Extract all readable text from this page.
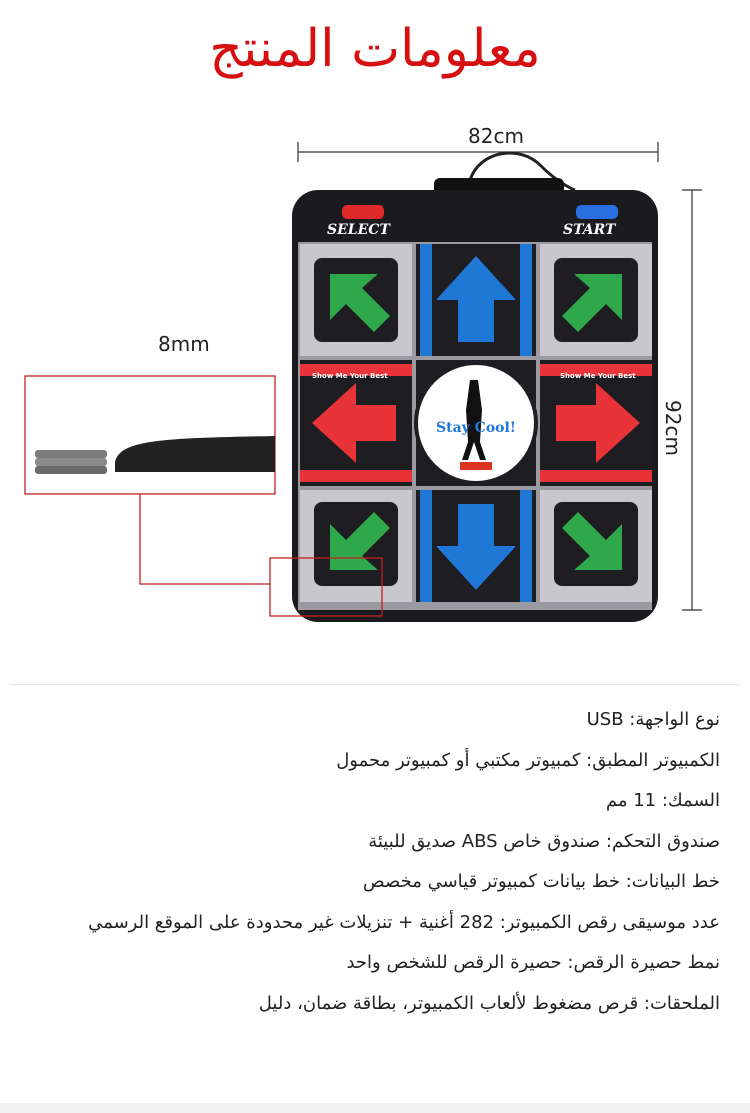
معلومات المنتج
82cm
8mm
92cm
SELECT	START
Stay Cool!
Show Me Your Best	Show Me Your Best
نوع الواجهة: USB
الكمبيوتر المطبق: كمبيوتر مكتبي أو كمبيوتر محمول
السمك: 11 مم
صندوق التحكم: صندوق خاص ABS صديق للبيئة
خط البيانات: خط بيانات كمبيوتر قياسي مخصص
عدد موسيقى رقص الكمبيوتر: 282 أغنية + تنزيلات غير محدودة على الموقع الرسمي
نمط حصيرة الرقص: حصيرة الرقص للشخص واحد
الملحقات: قرص مضغوط لألعاب الكمبيوتر، بطاقة ضمان، دليل
